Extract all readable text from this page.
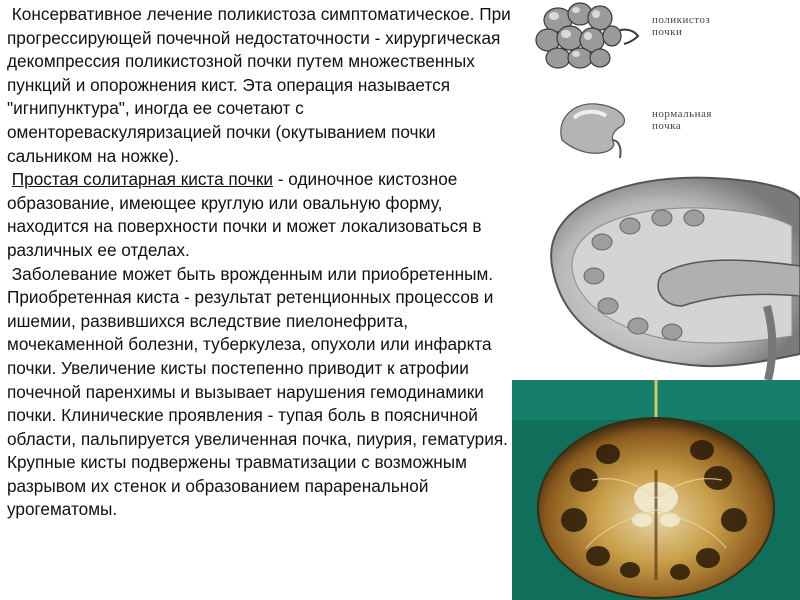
Консервативное лечение поликистоза симптоматическое. При прогрессирующей почечной недостаточности - хирургическая декомпрессия поликистозной почки путем множественных пункций и опорожнения кист. Эта операция называется "игнипунктура", иногда ее сочетают с оментореваскуляризацией почки (окутыванием почки сальником на ножке).

Простая солитарная киста почки - одиночное кистозное образование, имеющее круглую или овальную форму, находится на поверхности почки и может локализоваться в различных ее отделах.

Заболевание может быть врожденным или приобретенным. Приобретенная киста - результат ретенционных процессов и ишемии, развившихся вследствие пиелонефрита, мочекаменной болезни, туберкулеза, опухоли или инфаркта почки. Увеличение кисты постепенно приводит к атрофии почечной паренхимы и вызывает нарушения гемодинамики почки. Клинические проявления - тупая боль в поясничной области, пальпируется увеличенная почка, пиурия, гематурия. Крупные кисты подвержены травматизации с возможным разрывом их стенок и образованием параренальной урогематомы.

поликистоз
почки
нормальная
почка
